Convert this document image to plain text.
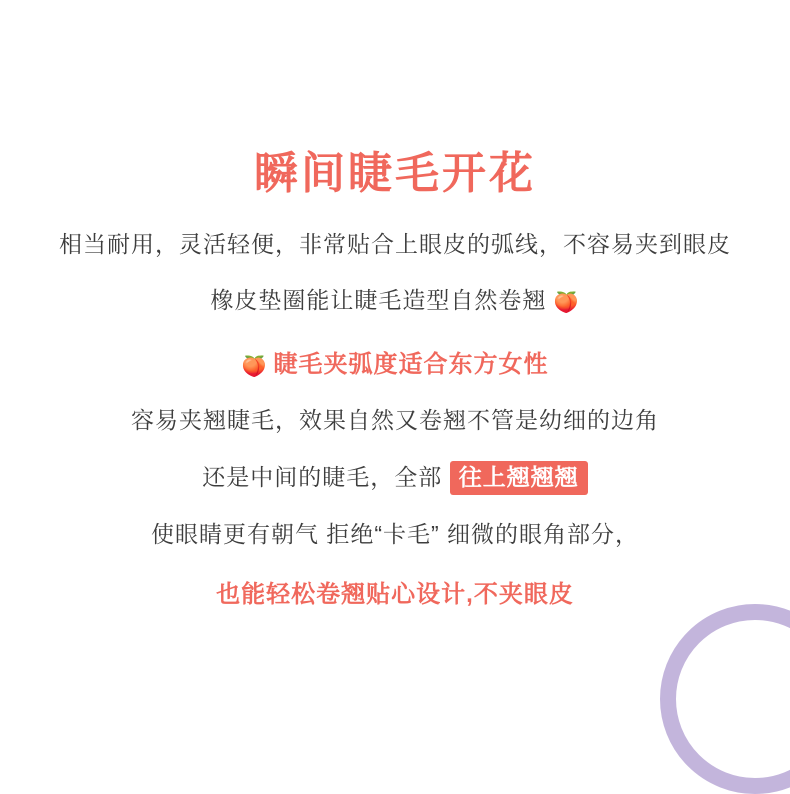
瞬间睫毛开花

相当耐用，灵活轻便，非常贴合上眼皮的弧线，不容易夹到眼皮

橡皮垫圈能让睫毛造型自然卷翘 🍑

🍑 睫毛夹弧度适合东方女性

容易夹翘睫毛，效果自然又卷翘不管是幼细的边角

还是中间的睫毛，全部 往上翘翘翘

使眼睛更有朝气 拒绝“卡毛” 细微的眼角部分，

也能轻松卷翘贴心设计,不夹眼皮
